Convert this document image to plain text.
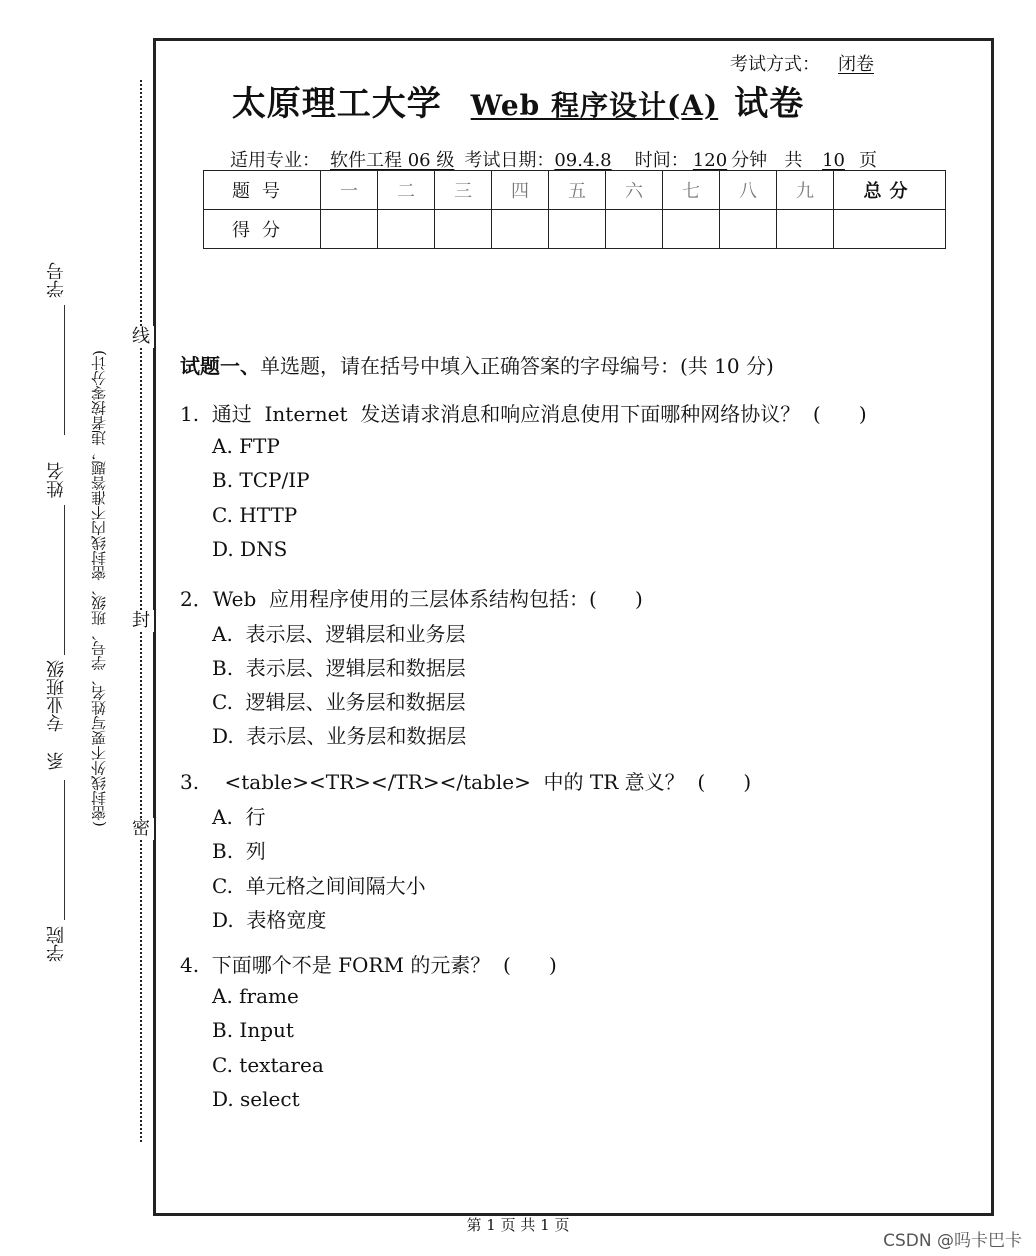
线
封
密
学号
姓名
专业班级
系
学院
(密封线外不要写姓名、学号、班级、密封线内不准答题，违者按零分计)
考试方式： 闭卷
太原理工大学 Web 程序设计(A) 试卷
适用专业： 软件工程 06 级 考试日期：09.4.8 时间： 120 分钟 共 10 页
题号	一	二	三	四	五	六	七	八	九	总分
得分										
试题一、单选题，请在括号中填入正确答案的字母编号：(共 10 分)
1.  通过  Internet  发送请求消息和响应消息使用下面哪种网络协议？  (      )
A. FTP
B. TCP/IP
C. HTTP
D. DNS
2．Web  应用程序使用的三层体系结构包括：(      )
A.  表示层、逻辑层和业务层
B.  表示层、逻辑层和数据层
C.  逻辑层、业务层和数据层
D.  表示层、业务层和数据层
3.    <table><TR></TR></table>  中的 TR 意义？  (      )
A.  行
B.  列
C.  单元格之间间隔大小
D.  表格宽度
4.  下面哪个不是 FORM 的元素？  (      )
A. frame
B. Input
C. textarea
D. select
第 1 页 共 1 页
CSDN @吗卡巴卡
